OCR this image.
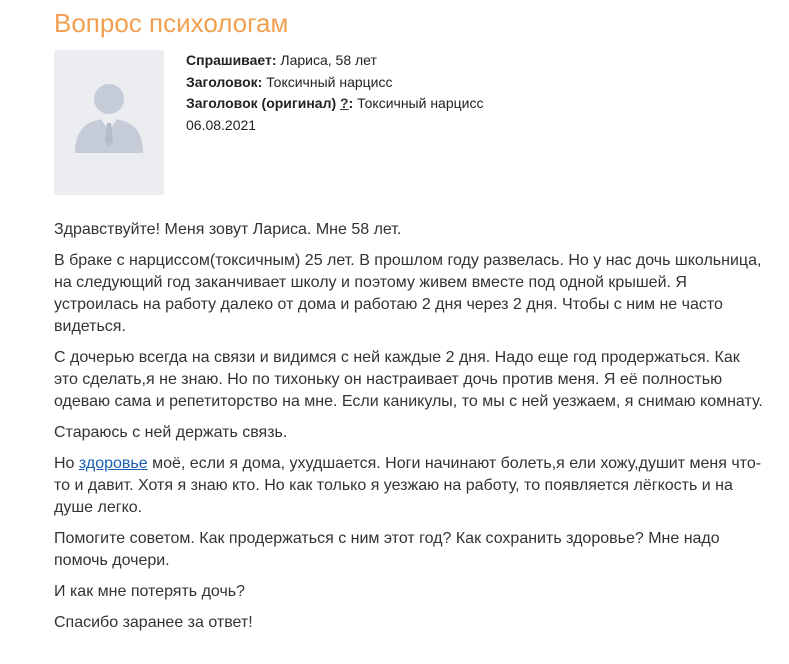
Вопрос психологам
Спрашивает: Лариса, 58 лет
Заголовок: Токсичный нарцисс
Заголовок (оригинал) ?: Токсичный нарцисс
06.08.2021

Здравствуйте! Меня зовут Лариса. Мне 58 лет.

В браке с нарциссом(токсичным) 25 лет. В прошлом году развелась. Но у нас дочь школьница, на следующий год заканчивает школу и поэтому живем вместе под одной крышей. Я устроилась на работу далеко от дома и работаю 2 дня через 2 дня. Чтобы с ним не часто видеться.

С дочерью всегда на связи и видимся с ней каждые 2 дня. Надо еще год продержаться. Как это сделать,я не знаю. Но по тихоньку он настраивает дочь против меня. Я её полностью одеваю сама и репетиторство на мне. Если каникулы, то мы с ней уезжаем, я снимаю комнату.

Стараюсь с ней держать связь.

Но здоровье моё, если я дома, ухудшается. Ноги начинают болеть,я ели хожу,душит меня что-то и давит. Хотя я знаю кто. Но как только я уезжаю на работу, то появляется лёгкость и на душе легко.

Помогите советом. Как продержаться с ним этот год? Как сохранить здоровье? Мне надо помочь дочери.

И как мне потерять дочь?

Спасибо заранее за ответ!
